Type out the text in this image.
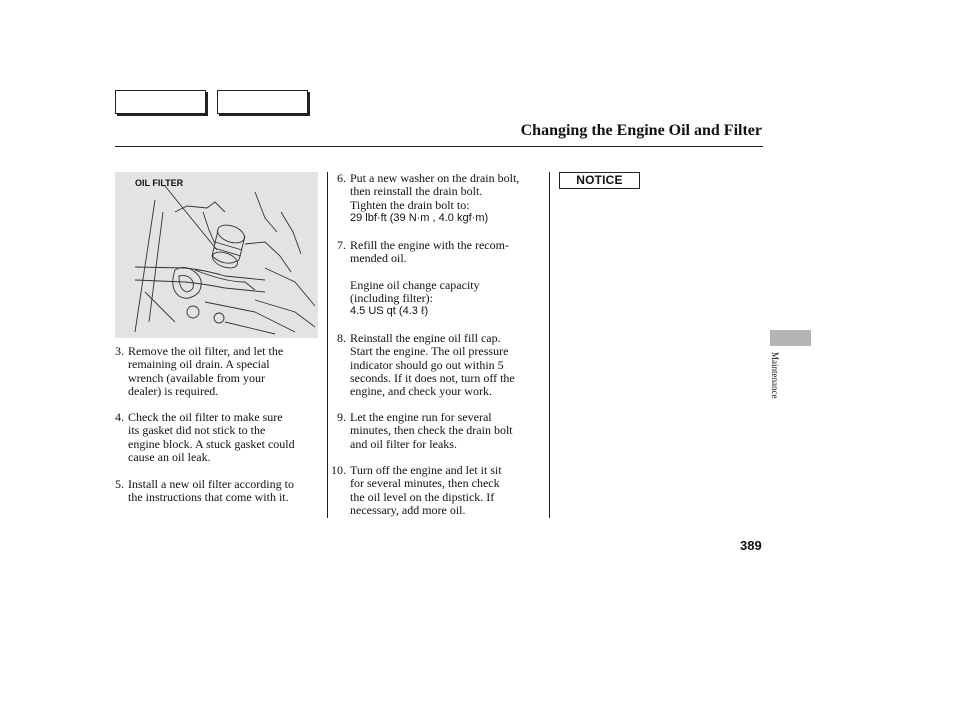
Changing the Engine Oil and Filter
OIL FILTER
3. Remove the oil filter, and let the
remaining oil drain. A special
wrench (available from your
dealer) is required.
4. Check the oil filter to make sure
its gasket did not stick to the
engine block. A stuck gasket could
cause an oil leak.
5. Install a new oil filter according to
the instructions that come with it.
6. Put a new washer on the drain bolt,
then reinstall the drain bolt.
Tighten the drain bolt to:
29 lbf·ft (39 N·m , 4.0 kgf·m)
7. Refill the engine with the recom-
mended oil.
Engine oil change capacity
(including filter):
4.5 US qt (4.3 ℓ)
8. Reinstall the engine oil fill cap.
Start the engine. The oil pressure
indicator should go out within 5
seconds. If it does not, turn off the
engine, and check your work.
9. Let the engine run for several
minutes, then check the drain bolt
and oil filter for leaks.
10. Turn off the engine and let it sit
for several minutes, then check
the oil level on the dipstick. If
necessary, add more oil.
NOTICE
Maintenance
389
